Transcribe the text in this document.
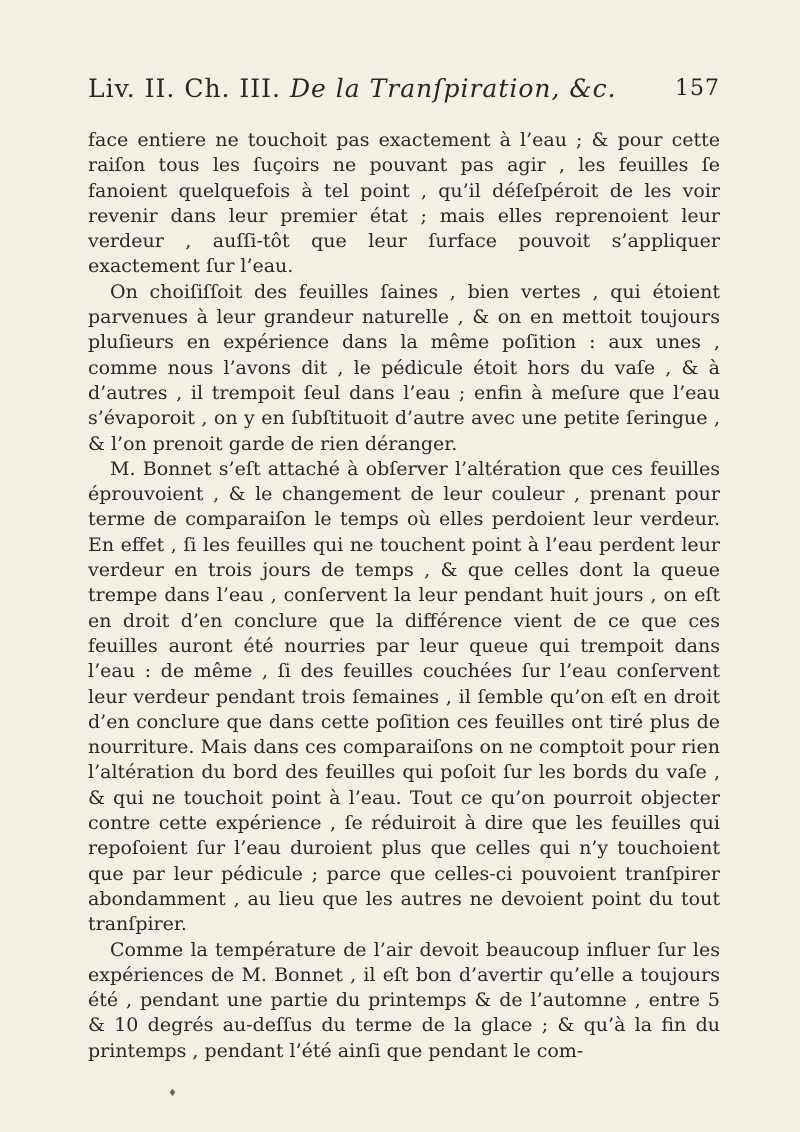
Liv. II. Ch. III. De la Tranſpiration, &c.	157

face entiere ne touchoit pas exactement à l’eau ; & pour cette raiſon tous les ſuçoirs ne pouvant pas agir , les feuilles ſe fanoient quelquefois à tel point , qu’il déſeſpéroit de les voir revenir dans leur premier état ; mais elles reprenoient leur verdeur , auſſi-tôt que leur ſurface pouvoit s’appliquer exactement ſur l’eau.

On choiſiſſoit des feuilles ſaines , bien vertes , qui étoient parvenues à leur grandeur naturelle , & on en mettoit toujours pluſieurs en expérience dans la même poſition : aux unes , comme nous l’avons dit , le pédicule étoit hors du vaſe , & à d’autres , il trempoit ſeul dans l’eau ; enfin à meſure que l’eau s’évaporoit , on y en ſubſtituoit d’autre avec une petite ſeringue , & l’on prenoit garde de rien déranger.

M. Bonnet s’eſt attaché à obſerver l’altération que ces feuilles éprouvoient , & le changement de leur couleur , prenant pour terme de comparaiſon le temps où elles perdoient leur verdeur. En effet , ſi les feuilles qui ne touchent point à l’eau perdent leur verdeur en trois jours de temps , & que celles dont la queue trempe dans l’eau , conſervent la leur pendant huit jours , on eſt en droit d’en conclure que la différence vient de ce que ces feuilles auront été nourries par leur queue qui trempoit dans l’eau : de même , ſi des feuilles couchées ſur l’eau conſervent leur verdeur pendant trois ſemaines , il ſemble qu’on eſt en droit d’en conclure que dans cette poſition ces feuilles ont tiré plus de nourriture. Mais dans ces comparaiſons on ne comptoit pour rien l’altération du bord des feuilles qui poſoit ſur les bords du vaſe , & qui ne touchoit point à l’eau. Tout ce qu’on pourroit objecter contre cette expérience , ſe réduiroit à dire que les feuilles qui repoſoient ſur l’eau duroient plus que celles qui n’y touchoient que par leur pédicule ; parce que celles-ci pouvoient tranſpirer abondamment , au lieu que les autres ne devoient point du tout tranſpirer.

Comme la température de l’air devoit beaucoup influer ſur les expériences de M. Bonnet , il eſt bon d’avertir qu’elle a toujours été , pendant une partie du printemps & de l’automne , entre 5 & 10 degrés au-deſſus du terme de la glace ; & qu’à la fin du printemps , pendant l’été ainſi que pendant le com-

♦
